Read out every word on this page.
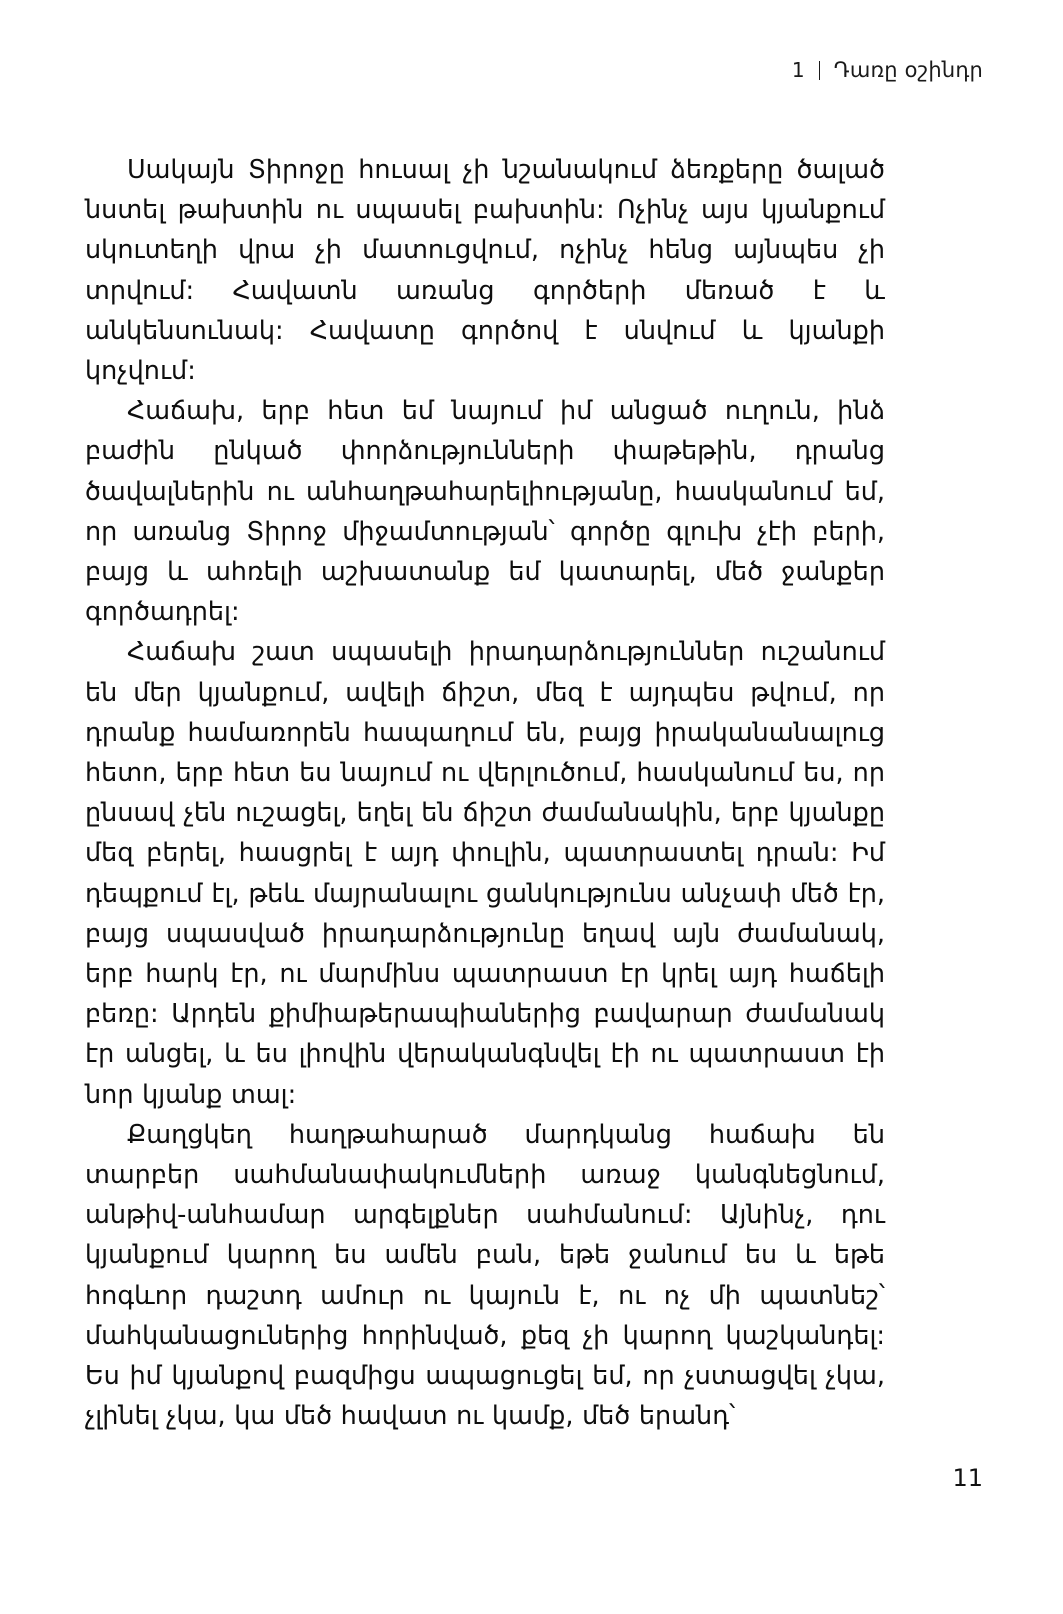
1 Դառը օշինդր

Սակայն Տիրոջը հուսալ չի նշանակում ձեռքերը ծալած նստել թախտին ու սպասել բախտին: Ոչինչ այս կյանքում սկուտեղի վրա չի մատուցվում, ոչինչ հենց այնպես չի տրվում: Հավատն առանց գործերի մեռած է և անկենսունակ: Հավատը գործով է սնվում և կյանքի կոչվում:

Հաճախ, երբ հետ եմ նայում իմ անցած ուղուն, ինձ բաժին ընկած փորձությունների փաթեթին, դրանց ծավալներին ու անհաղթահարելիությանը, հասկանում եմ, որ առանց Տիրոջ միջամտության՝ գործը գլուխ չէի բերի, բայց և ահռելի աշխատանք եմ կատարել, մեծ ջանքեր գործադրել:

Հաճախ շատ սպասելի իրադարձություններ ուշանում են մեր կյանքում, ավելի ճիշտ, մեզ է այդպես թվում, որ դրանք համառորեն հապաղում են, բայց իրականանալուց հետո, երբ հետ ես նայում ու վերլուծում, հասկանում ես, որ ընսավ չեն ուշացել, եղել են ճիշտ ժամանակին, երբ կյանքը մեզ բերել, հասցրել է այդ փուլին, պատրաստել դրան: Իմ դեպքում էլ, թեև մայրանալու ցանկությունս անչափ մեծ էր, բայց սպասված իրադարձությունը եղավ այն ժամանակ, երբ հարկ էր, ու մարմինս պատրաստ էր կրել այդ հաճելի բեռը: Արդեն քիմիաթերապիաներից բավարար ժամանակ էր անցել, և ես լիովին վերականգնվել էի ու պատրաստ էի նոր կյանք տալ:

Քաղցկեղ հաղթահարած մարդկանց հաճախ են տարբեր սահմանափակումների առաջ կանգնեցնում, անթիվ-անհամար արգելքներ սահմանում: Այնինչ, դու կյանքում կարող ես ամեն բան, եթե ջանում ես և եթե հոգևոր դաշտդ ամուր ու կայուն է, ու ոչ մի պատնեշ՝ մահկանացուներից հորինված, քեզ չի կարող կաշկանդել: Ես իմ կյանքով բազմիցս ապացուցել եմ, որ չստացվել չկա, չլինել չկա, կա մեծ հավատ ու կամք, մեծ երանդ՝

11
